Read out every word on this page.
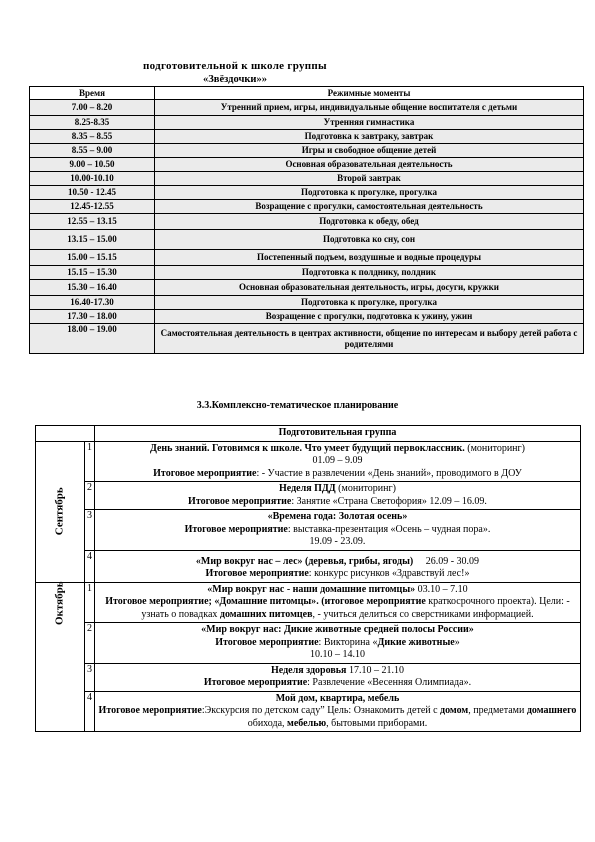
подготовительной к школе группы
«Звёздочки»»
Время	Режимные моменты
7.00 – 8.20	Утренний прием, игры, индивидуальные общение воспитателя с детьми
8.25-8.35	Утренняя гимнастика
8.35 – 8.55	Подготовка к завтраку, завтрак
8.55 – 9.00	Игры и свободное общение детей
9.00 – 10.50	Основная образовательная деятельность
10.00-10.10	Второй завтрак
10.50 - 12.45	Подготовка к прогулке, прогулка
12.45-12.55	Возращение с прогулки, самостоятельная деятельность
12.55 – 13.15	Подготовка к обеду, обед
13.15 – 15.00	Подготовка ко сну, сон
15.00 – 15.15	Постепенный подъем, воздушные и водные процедуры
15.15 – 15.30	Подготовка к полднику, полдник
15.30 – 16.40	Основная образовательная деятельность, игры, досуги, кружки
16.40-17.30	Подготовка к прогулке, прогулка
17.30 – 18.00	Возращение с прогулки, подготовка к ужину, ужин
18.00 – 19.00	Самостоятельная деятельность в центрах активности, общение по интересам и выбору детей работа с родителями
3.3.Комплексно-тематическое планирование
		Подготовительная группа
Сентябрь	1	День знаний. Готовимся к школе. Что умеет будущий первоклассник. (мониторинг)
01.09 – 9.09
Итоговое мероприятие: - Участие в развлечении «День знаний», проводимого в ДОУ
	2	Неделя ПДД (мониторинг)
Итоговое мероприятие: Занятие «Страна Светофория» 12.09 – 16.09.
	3	«Времена года: Золотая осень»
Итоговое мероприятие: выставка-презентация «Осень – чудная пора».
19.09 - 23.09.
	4	«Мир вокруг нас – лес» (деревья, грибы, ягоды) 26.09 - 30.09
Итоговое мероприятие: конкурс рисунков «Здравствуй лес!»
Октябрь	1	«Мир вокруг нас - наши домашние питомцы» 03.10 – 7.10
Итоговое мероприятие; «Домашние питомцы». (итоговое мероприятие краткосрочного проекта). Цели: - узнать о повадках домашних питомцев, - учиться делиться со сверстниками информацией.
	2	«Мир вокруг нас: Дикие животные средней полосы России»
Итоговое мероприятие: Викторина «Дикие животные»
10.10 – 14.10
	3	Неделя здоровья 17.10 – 21.10
Итоговое мероприятие: Развлечение «Весенняя Олимпиада».
	4	Мой дом, квартира, мебель
Итоговое мероприятие:Экскурсия по детском саду” Цель: Ознакомить детей с домом, предметами домашнего обихода, мебелью, бытовыми приборами.
